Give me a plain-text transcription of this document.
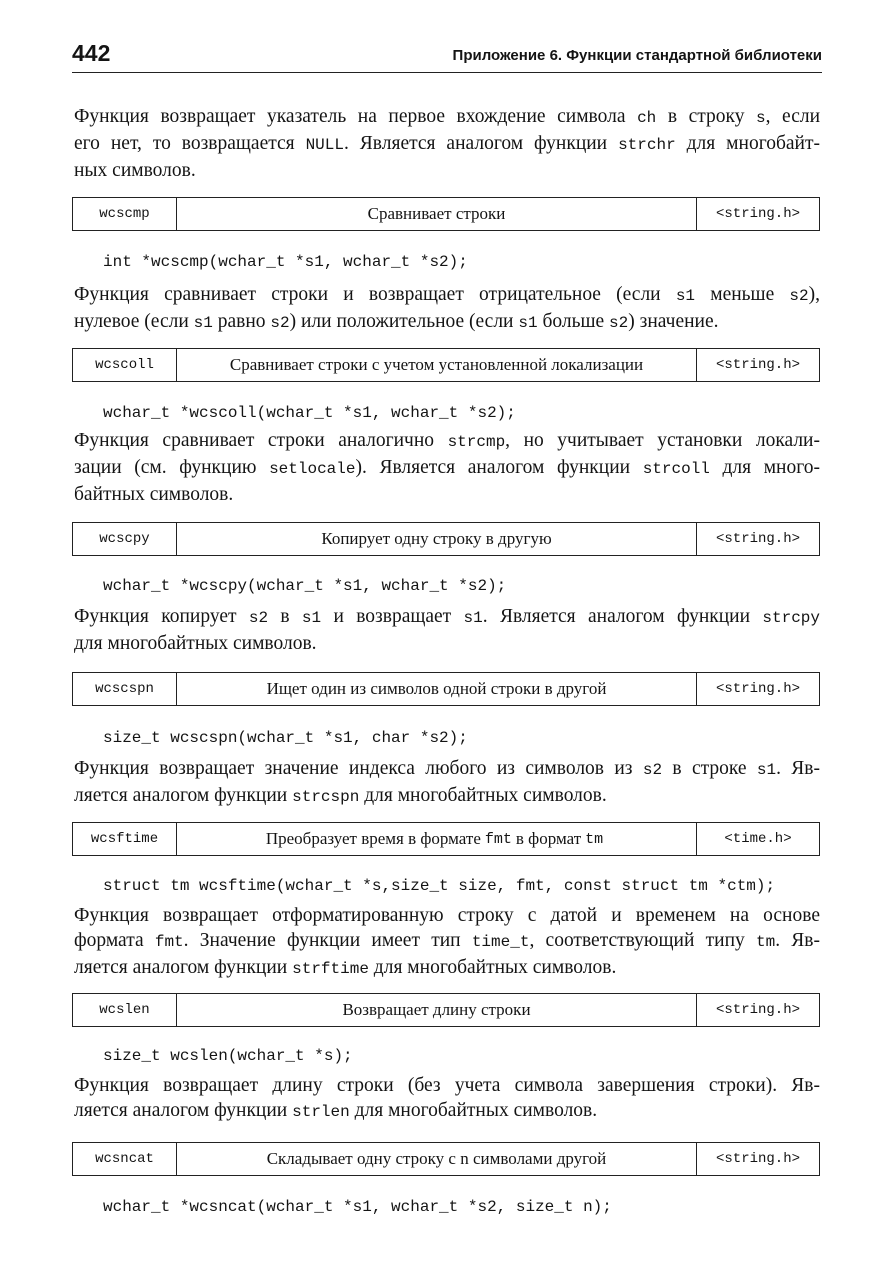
442	Приложение 6. Функции стандартной библиотеки

Функция возвращает указатель на первое вхождение символа ch в строку s, если
его нет, то возвращается NULL. Является аналогом функции strchr для многобайт-
ных символов.

wcscmp	Сравнивает строки	<string.h>
int *wcscmp(wchar_t *s1, wchar_t *s2);

Функция сравнивает строки и возвращает отрицательное (если s1 меньше s2),
нулевое (если s1 равно s2) или положительное (если s1 больше s2) значение.

wcscoll	Сравнивает строки с учетом установленной локализации	<string.h>
wchar_t *wcscoll(wchar_t *s1, wchar_t *s2);

Функция сравнивает строки аналогично strcmp, но учитывает установки локали-
зации (см. функцию setlocale). Является аналогом функции strcoll для много-
байтных символов.

wcscpy	Копирует одну строку в другую	<string.h>
wchar_t *wcscpy(wchar_t *s1, wchar_t *s2);

Функция копирует s2 в s1 и возвращает s1. Является аналогом функции strcpy
для многобайтных символов.

wcscspn	Ищет один из символов одной строки в другой	<string.h>
size_t wcscspn(wchar_t *s1, char *s2);

Функция возвращает значение индекса любого из символов из s2 в строке s1. Яв-
ляется аналогом функции strcspn для многобайтных символов.

wcsftime	Преобразует время в формате fmt в формат tm	<time.h>
struct tm wcsftime(wchar_t *s,size_t size, fmt, const struct tm *ctm);

Функция возвращает отформатированную строку с датой и временем на основе
формата fmt. Значение функции имеет тип time_t, соответствующий типу tm. Яв-
ляется аналогом функции strftime для многобайтных символов.

wcslen	Возвращает длину строки	<string.h>
size_t wcslen(wchar_t *s);

Функция возвращает длину строки (без учета символа завершения строки). Яв-
ляется аналогом функции strlen для многобайтных символов.

wcsncat	Складывает одну строку с n символами другой	<string.h>
wchar_t *wcsncat(wchar_t *s1, wchar_t *s2, size_t n);
